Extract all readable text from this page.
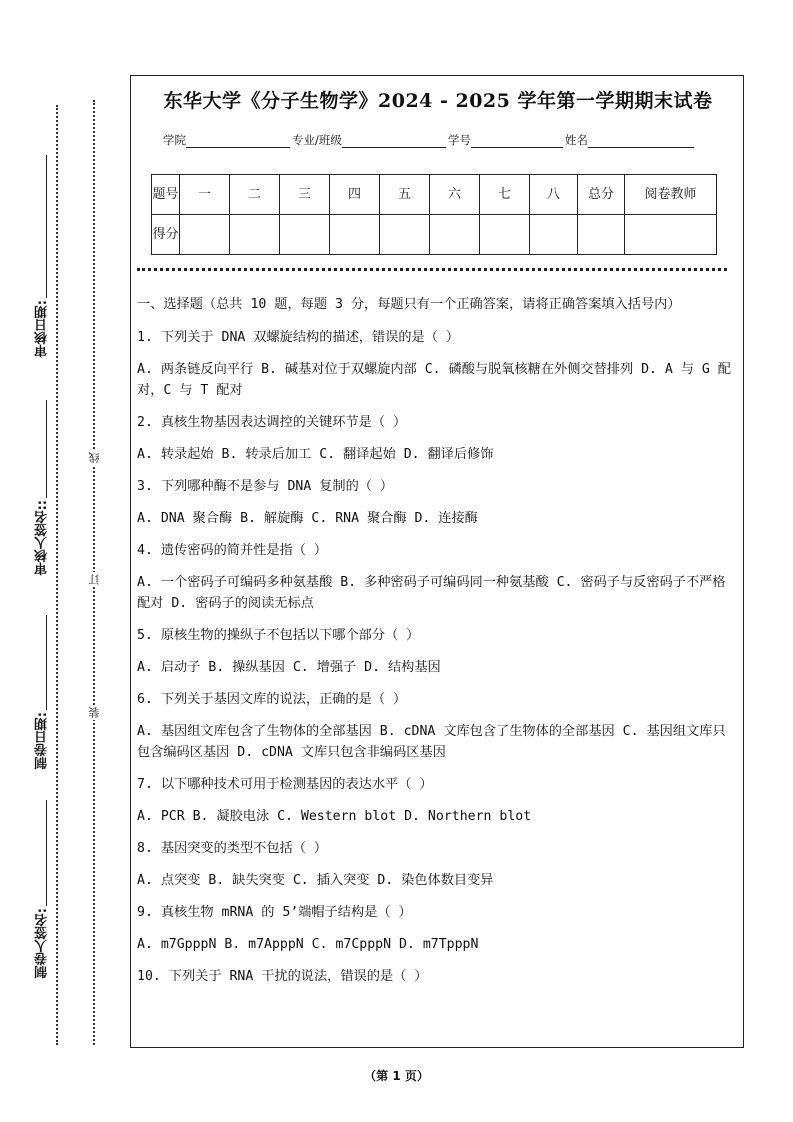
审核日期:
审核人签名::
制卷日期:
制卷人签名:
线
订
装
东华大学《分子生物学》2024 - 2025 学年第一学期期末试卷
学院	专业/班级	学号	姓名
题号	一	二	三	四	五	六	七	八	总分	阅卷教师
得分										

一、选择题（总共 10 题，每题 3 分，每题只有一个正确答案，请将正确答案填入括号内）

1. 下列关于 DNA 双螺旋结构的描述，错误的是（ ）

A. 两条链反向平行 B. 碱基对位于双螺旋内部 C. 磷酸与脱氧核糖在外侧交替排列 D. A 与 G 配对，C 与 T 配对

2. 真核生物基因表达调控的关键环节是（ ）

A. 转录起始 B. 转录后加工 C. 翻译起始 D. 翻译后修饰

3. 下列哪种酶不是参与 DNA 复制的（ ）

A. DNA 聚合酶 B. 解旋酶 C. RNA 聚合酶 D. 连接酶

4. 遗传密码的简并性是指（ ）

A. 一个密码子可编码多种氨基酸 B. 多种密码子可编码同一种氨基酸 C. 密码子与反密码子不严格配对 D. 密码子的阅读无标点

5. 原核生物的操纵子不包括以下哪个部分（ ）

A. 启动子 B. 操纵基因 C. 增强子 D. 结构基因

6. 下列关于基因文库的说法，正确的是（ ）

A. 基因组文库包含了生物体的全部基因 B. cDNA 文库包含了生物体的全部基因 C. 基因组文库只包含编码区基因 D. cDNA 文库只包含非编码区基因

7. 以下哪种技术可用于检测基因的表达水平（ ）

A. PCR B. 凝胶电泳 C. Western blot D. Northern blot

8. 基因突变的类型不包括（ ）

A. 点突变 B. 缺失突变 C. 插入突变 D. 染色体数目变异

9. 真核生物 mRNA 的 5’端帽子结构是（ ）

A. m7GpppN B. m7ApppN C. m7CpppN D. m7TpppN

10. 下列关于 RNA 干扰的说法，错误的是（ ）

（第 1 页）
